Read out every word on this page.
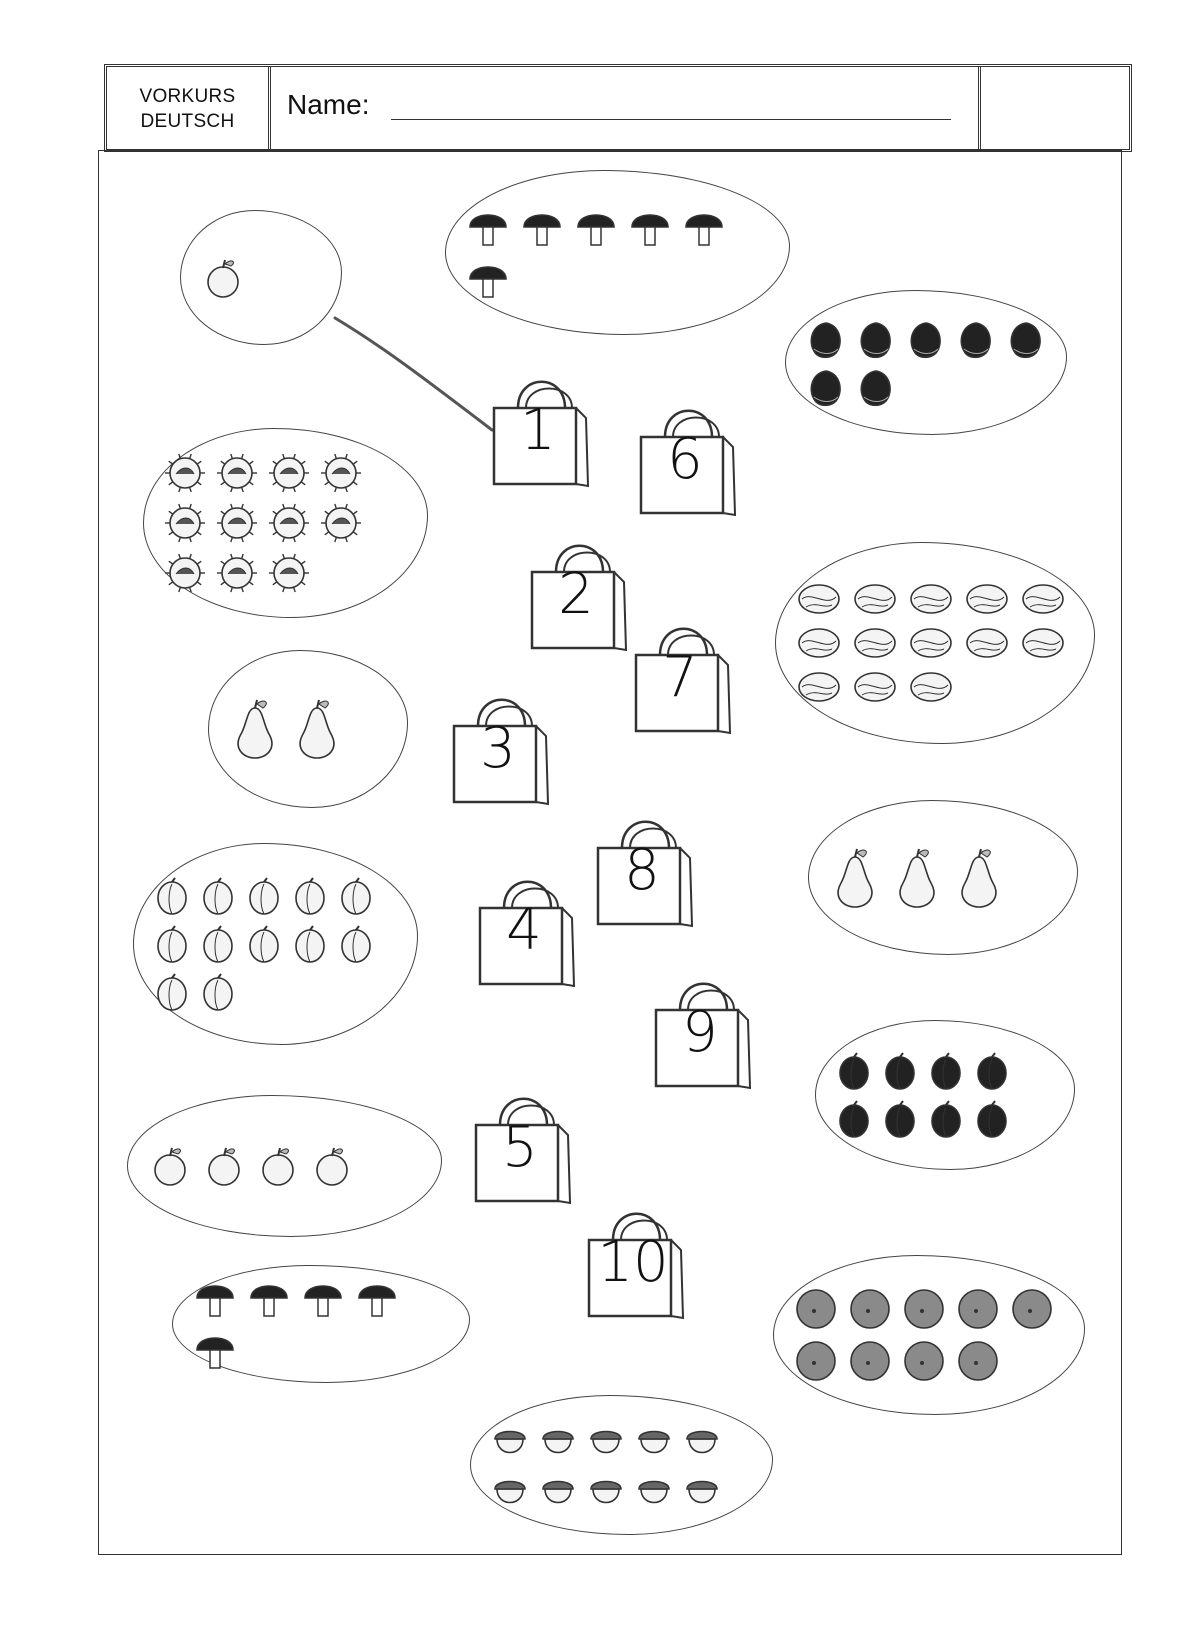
VORKURS
DEUTSCH
Name:
1	6
2
7
3
8
4
9
5
10
